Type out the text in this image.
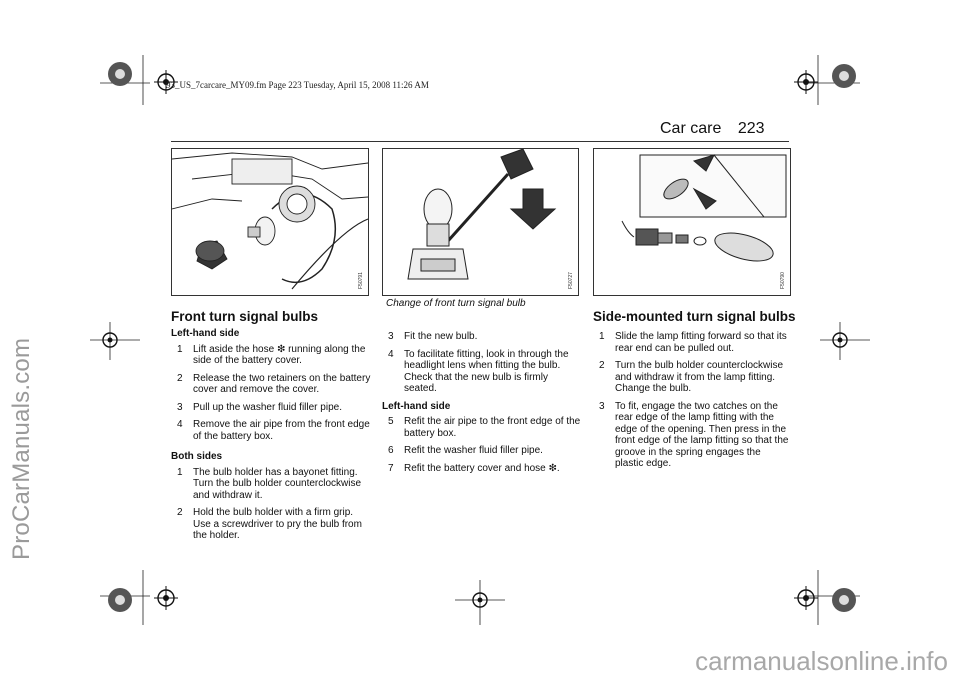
ProCarManuals.com
carmanualsonline.info
93_US_7carcare_MY09.fm Page 223 Tuesday, April 15, 2008 11:26 AM
Car care 223
F50791	F50727	F50790
Change of front turn signal bulb
Front turn signal bulbs
Left-hand side
1 Lift aside the hose ❇ running along the side of the battery cover.
2 Release the two retainers on the battery cover and remove the cover.
3 Pull up the washer fluid filler pipe.
4 Remove the air pipe from the front edge of the battery box.
Both sides
1 The bulb holder has a bayonet fitting. Turn the bulb holder counterclockwise and withdraw it.
2 Hold the bulb holder with a firm grip. Use a screwdriver to pry the bulb from the holder.
3 Fit the new bulb.
4 To facilitate fitting, look in through the headlight lens when fitting the bulb. Check that the new bulb is firmly seated.
Left-hand side
5 Refit the air pipe to the front edge of the battery box.
6 Refit the washer fluid filler pipe.
7 Refit the battery cover and hose ❇.
Side-mounted turn signal bulbs
1 Slide the lamp fitting forward so that its rear end can be pulled out.
2 Turn the bulb holder counterclockwise and withdraw it from the lamp fitting. Change the bulb.
3 To fit, engage the two catches on the rear edge of the lamp fitting with the edge of the opening. Then press in the front edge of the lamp fitting so that the groove in the spring engages the plastic edge.
